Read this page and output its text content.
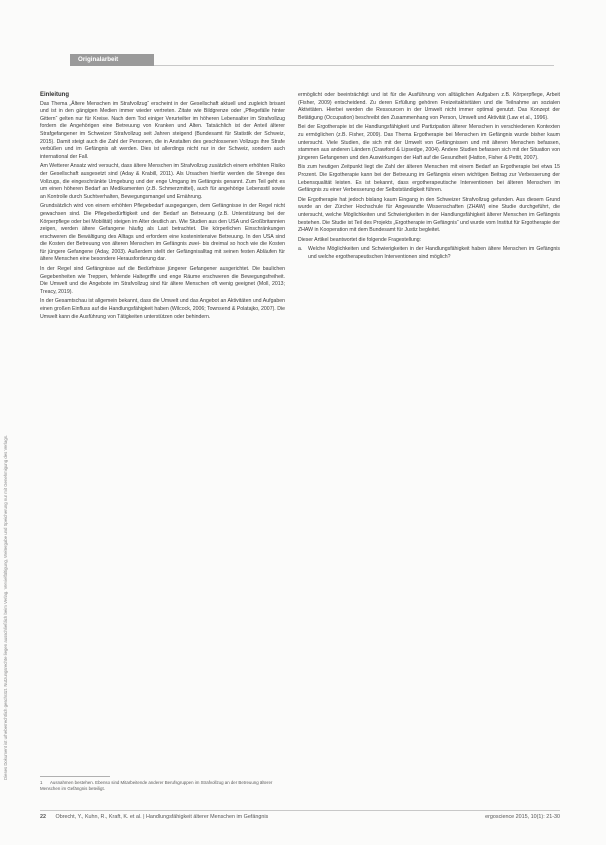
Dieses Dokument ist urheberrechtlich geschützt. Nutzungsrechte liegen ausschließlich beim Verlag. Vervielfältigung, Weitergabe und Speicherung nur mit Genehmigung des Verlags.
Originalarbeit
Einleitung

Das Thema „Ältere Menschen im Strafvollzug“ erscheint in der Gesellschaft aktuell und zugleich brisant und ist in den gängigen Medien immer wieder vertreten. Zitate wie Bildgrenze oder „Pflegefälle hinter Gittern“ gelten nur für Kreise. Nach dem Tod einiger Verurteilter im höheren Lebensalter im Strafvollzug fordern die Angehörigen eine Betreuung von Kranken und Alten. Tatsächlich ist der Anteil älterer Strafgefangener im Schweizer Strafvollzug seit Jahren steigend (Bundesamt für Statistik der Schweiz, 2015). Damit steigt auch die Zahl der Personen, die in Anstalten des geschlossenen Vollzugs ihre Strafe verbüßen und im Gefängnis alt werden. Dies ist allerdings nicht nur in der Schweiz, sondern auch international der Fall.

Am Wetterer Ansatz wird versucht, dass ältere Menschen im Strafvollzug zusätzlich einem erhöhten Risiko der Gesellschaft ausgesetzt sind (Aday & Krabill, 2011). Als Ursachen hierfür werden die Strenge des Vollzugs, die eingeschränkte Umgebung und der enge Umgang im Gefängnis genannt. Zum Teil geht es um einen höheren Bedarf an Medikamenten (z.B. Schmerzmittel), auch für angehörige Lebensstil sowie an Kontrolle durch Suchtverhalten, Bewegungsmangel und Ernährung.

Grundsätzlich wird von einem erhöhten Pflegebedarf ausgegangen, dem Gefängnisse in der Regel nicht gewachsen sind. Die Pflegebedürftigkeit und der Bedarf an Betreuung (z.B. Unterstützung bei der Körperpflege oder bei Mobilität) steigen im Alter deutlich an. Wie Studien aus den USA und Großbritannien zeigen, werden ältere Gefangene häufig als Last betrachtet. Die körperlichen Einschränkungen erschweren die Bewältigung des Alltags und erfordern eine kostenintensive Betreuung. In den USA sind die Kosten der Betreuung von älteren Menschen im Gefängnis zwei- bis dreimal so hoch wie die Kosten für jüngere Gefangene (Aday, 2003). Außerdem stellt der Gefängnisalltag mit seinen festen Abläufen für ältere Menschen eine besondere Herausforderung dar.

In der Regel sind Gefängnisse auf die Bedürfnisse jüngerer Gefangener ausgerichtet. Die baulichen Gegebenheiten wie Treppen, fehlende Haltegriffe und enge Räume erschweren die Bewegungsfreiheit. Die Umwelt und die Angebote im Strafvollzug sind für ältere Menschen oft wenig geeignet (Moll, 2013; Treacy, 2019).

In der Gesamtschau ist allgemein bekannt, dass die Umwelt und das Angebot an Aktivitäten und Aufgaben einen großen Einfluss auf die Handlungsfähigkeit haben (Wilcock, 2006; Townsend & Polatajko, 2007). Die Umwelt kann die Ausführung von Tätigkeiten unterstützen oder behindern.

ermöglicht oder beeinträchtigt und ist für die Ausführung von alltäglichen Aufgaben z.B. Körperpflege, Arbeit (Fisher, 2009) entscheidend. Zu deren Erfüllung gehören Freizeitaktivitäten und die Teilnahme an sozialen Aktivitäten. Hierbei werden die Ressourcen in der Umwelt nicht immer optimal genutzt. Das Konzept der Betätigung (Occupation) beschreibt den Zusammenhang von Person, Umwelt und Aktivität (Law et al., 1996).

Bei der Ergotherapie ist die Handlungsfähigkeit und Partizipation älterer Menschen in verschiedenen Kontexten zu ermöglichen (z.B. Fisher, 2009). Das Thema Ergotherapie bei Menschen im Gefängnis wurde bisher kaum untersucht. Viele Studien, die sich mit der Umwelt von Gefängnissen und mit älteren Menschen befassen, stammen aus anderen Ländern (Crawford & Lipsedge, 2004). Andere Studien befassen sich mit der Situation von jüngeren Gefangenen und den Auswirkungen der Haft auf die Gesundheit (Hatton, Fisher & Pettit, 2007).

Bis zum heutigen Zeitpunkt liegt die Zahl der älteren Menschen mit einem Bedarf an Ergotherapie bei etwa 15 Prozent. Die Ergotherapie kann bei der Betreuung im Gefängnis einen wichtigen Beitrag zur Verbesserung der Lebensqualität leisten. Es ist bekannt, dass ergotherapeutische Interventionen bei älteren Menschen im Gefängnis zu einer Verbesserung der Selbstständigkeit führen.

Die Ergotherapie hat jedoch bislang kaum Eingang in den Schweizer Strafvollzug gefunden. Aus diesem Grund wurde an der Zürcher Hochschule für Angewandte Wissenschaften (ZHAW) eine Studie durchgeführt, die untersucht, welche Möglichkeiten und Schwierigkeiten in der Handlungsfähigkeit älterer Menschen im Gefängnis bestehen. Die Studie ist Teil des Projekts „Ergotherapie im Gefängnis“ und wurde vom Institut für Ergotherapie der ZHAW in Kooperation mit dem Bundesamt für Justiz begleitet.

Dieser Artikel beantwortet die folgende Fragestellung:

a. Welche Möglichkeiten und Schwierigkeiten in der Handlungsfähigkeit haben ältere Menschen im Gefängnis und welche ergotherapeutischen Interventionen sind möglich?
1 Ausnahmen bestehen. Ebenso sind Mitarbeitende anderer Berufsgruppen im Strafvollzug an der Betreuung älterer Menschen im Gefängnis beteiligt.
22 Obrecht, Y., Kuhn, R., Kraft, K. et al. | Handlungsfähigkeit älterer Menschen im Gefängnis	ergoscience 2015, 10(1): 21-30
